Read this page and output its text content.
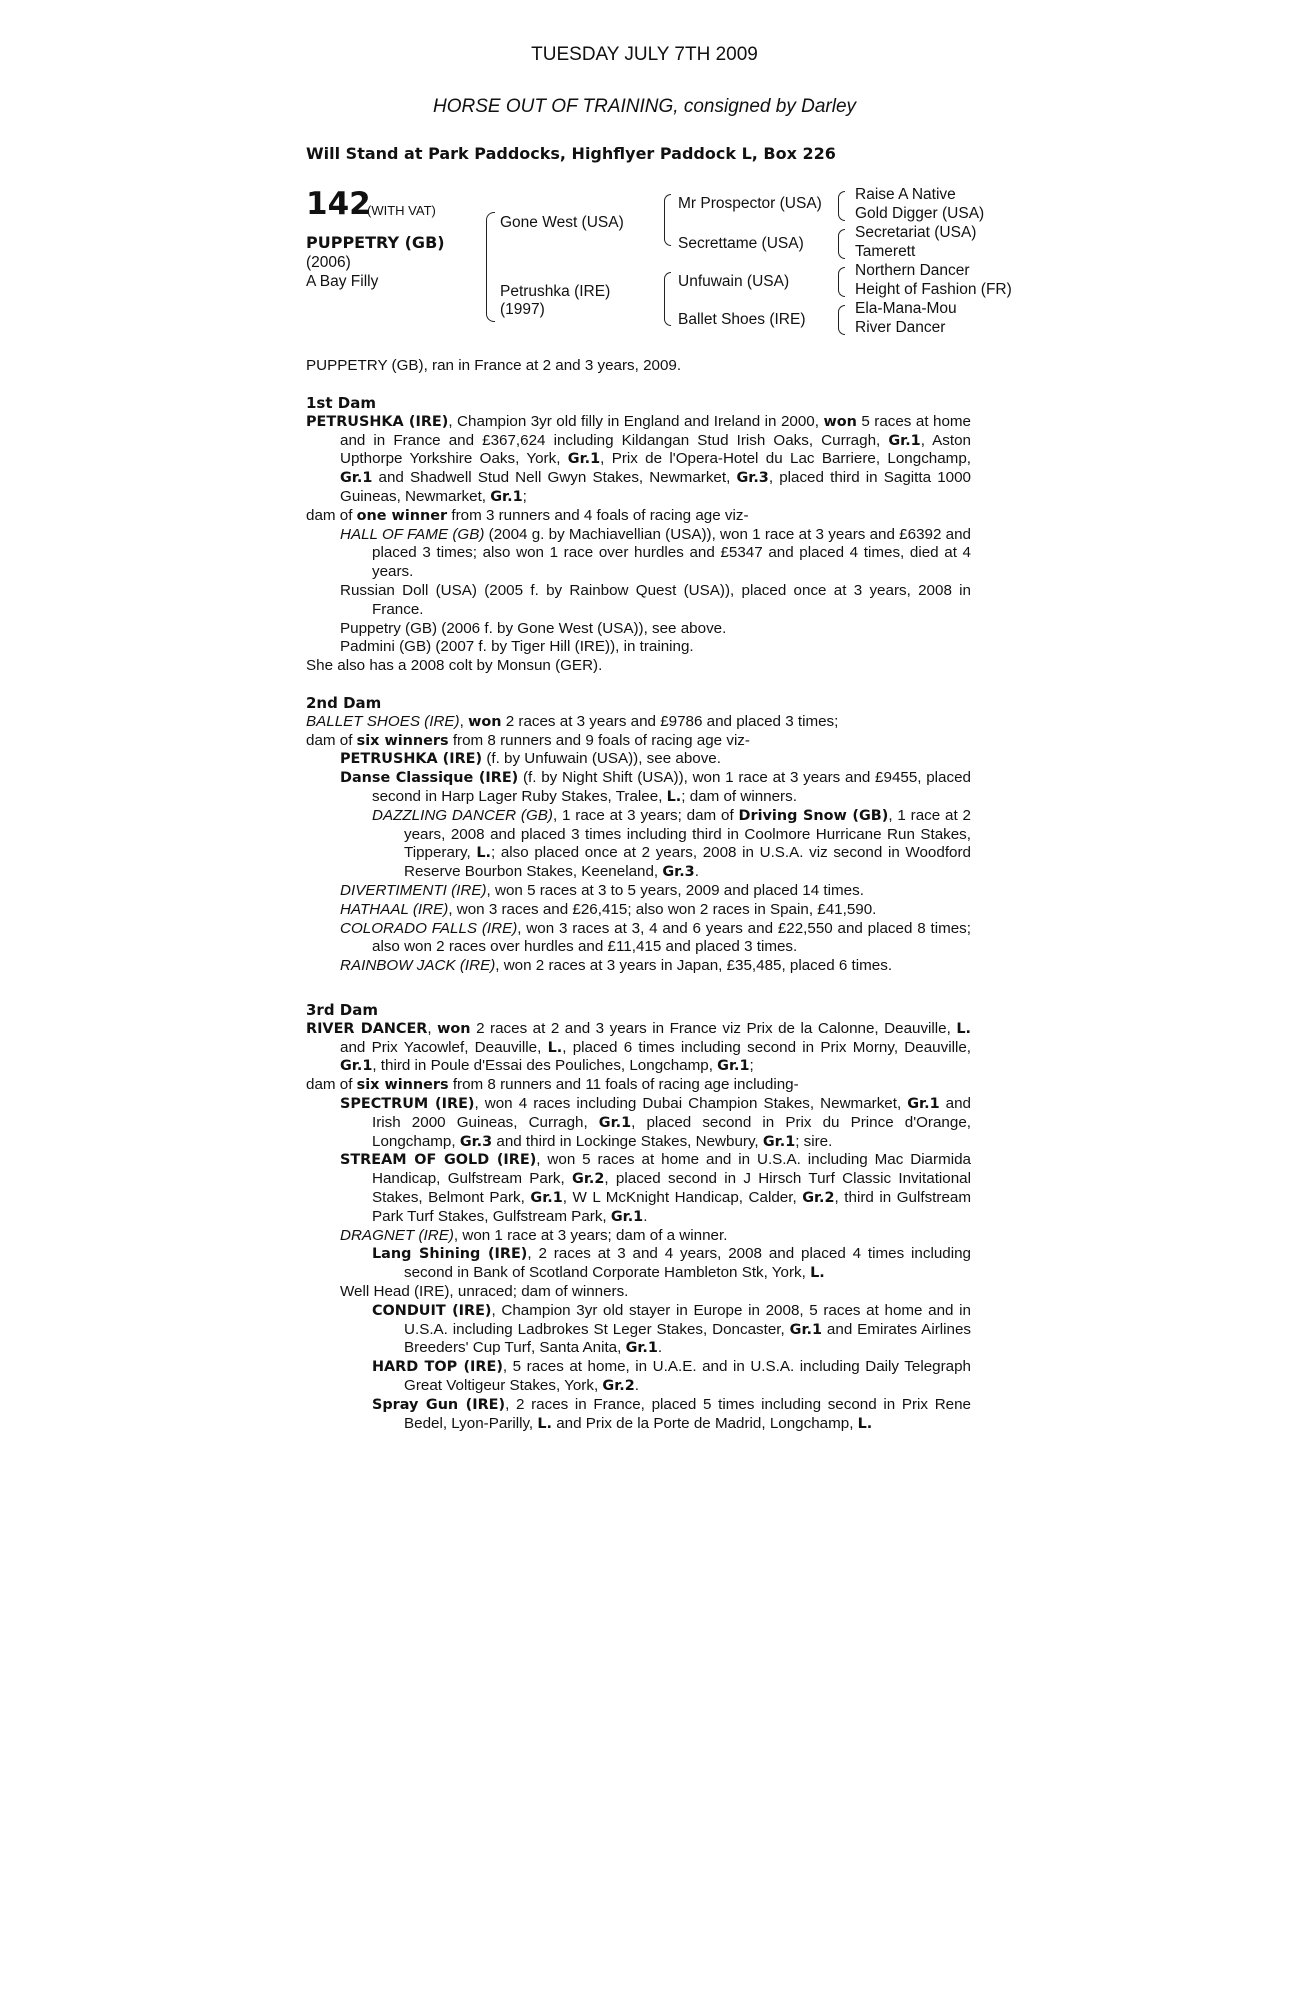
TUESDAY JULY 7TH 2009
HORSE OUT OF TRAINING, consigned by Darley
Will Stand at Park Paddocks, Highflyer Paddock L, Box 226
142
(WITH VAT)
PUPPETRY (GB)
(2006)
A Bay Filly
Gone West (USA)
Petrushka (IRE)
(1997)
Mr Prospector (USA)
Secrettame (USA)
Unfuwain (USA)
Ballet Shoes (IRE)
Raise A Native
Gold Digger (USA)
Secretariat (USA)
Tamerett
Northern Dancer
Height of Fashion (FR)
Ela-Mana-Mou
River Dancer

PUPPETRY (GB), ran in France at 2 and 3 years, 2009.

1st Dam

PETRUSHKA (IRE), Champion 3yr old filly in England and Ireland in 2000, won 5 races at home and in France and £367,624 including Kildangan Stud Irish Oaks, Curragh, Gr.1, Aston Upthorpe Yorkshire Oaks, York, Gr.1, Prix de l'Opera-Hotel du Lac Barriere, Longchamp, Gr.1 and Shadwell Stud Nell Gwyn Stakes, Newmarket, Gr.3, placed third in Sagitta 1000 Guineas, Newmarket, Gr.1;

dam of one winner from 3 runners and 4 foals of racing age viz-

HALL OF FAME (GB) (2004 g. by Machiavellian (USA)), won 1 race at 3 years and £6392 and placed 3 times; also won 1 race over hurdles and £5347 and placed 4 times, died at 4 years.

Russian Doll (USA) (2005 f. by Rainbow Quest (USA)), placed once at 3 years, 2008 in France.

Puppetry (GB) (2006 f. by Gone West (USA)), see above.

Padmini (GB) (2007 f. by Tiger Hill (IRE)), in training.

She also has a 2008 colt by Monsun (GER).

2nd Dam

BALLET SHOES (IRE), won 2 races at 3 years and £9786 and placed 3 times;

dam of six winners from 8 runners and 9 foals of racing age viz-

PETRUSHKA (IRE) (f. by Unfuwain (USA)), see above.

Danse Classique (IRE) (f. by Night Shift (USA)), won 1 race at 3 years and £9455, placed second in Harp Lager Ruby Stakes, Tralee, L.; dam of winners.

DAZZLING DANCER (GB), 1 race at 3 years; dam of Driving Snow (GB), 1 race at 2 years, 2008 and placed 3 times including third in Coolmore Hurricane Run Stakes, Tipperary, L.; also placed once at 2 years, 2008 in U.S.A. viz second in Woodford Reserve Bourbon Stakes, Keeneland, Gr.3.

DIVERTIMENTI (IRE), won 5 races at 3 to 5 years, 2009 and placed 14 times.

HATHAAL (IRE), won 3 races and £26,415; also won 2 races in Spain, £41,590.

COLORADO FALLS (IRE), won 3 races at 3, 4 and 6 years and £22,550 and placed 8 times; also won 2 races over hurdles and £11,415 and placed 3 times.

RAINBOW JACK (IRE), won 2 races at 3 years in Japan, £35,485, placed 6 times.

3rd Dam

RIVER DANCER, won 2 races at 2 and 3 years in France viz Prix de la Calonne, Deauville, L. and Prix Yacowlef, Deauville, L., placed 6 times including second in Prix Morny, Deauville, Gr.1, third in Poule d'Essai des Pouliches, Longchamp, Gr.1;

dam of six winners from 8 runners and 11 foals of racing age including-

SPECTRUM (IRE), won 4 races including Dubai Champion Stakes, Newmarket, Gr.1 and Irish 2000 Guineas, Curragh, Gr.1, placed second in Prix du Prince d'Orange, Longchamp, Gr.3 and third in Lockinge Stakes, Newbury, Gr.1; sire.

STREAM OF GOLD (IRE), won 5 races at home and in U.S.A. including Mac Diarmida Handicap, Gulfstream Park, Gr.2, placed second in J Hirsch Turf Classic Invitational Stakes, Belmont Park, Gr.1, W L McKnight Handicap, Calder, Gr.2, third in Gulfstream Park Turf Stakes, Gulfstream Park, Gr.1.

DRAGNET (IRE), won 1 race at 3 years; dam of a winner.

Lang Shining (IRE), 2 races at 3 and 4 years, 2008 and placed 4 times including second in Bank of Scotland Corporate Hambleton Stk, York, L.

Well Head (IRE), unraced; dam of winners.

CONDUIT (IRE), Champion 3yr old stayer in Europe in 2008, 5 races at home and in U.S.A. including Ladbrokes St Leger Stakes, Doncaster, Gr.1 and Emirates Airlines Breeders' Cup Turf, Santa Anita, Gr.1.

HARD TOP (IRE), 5 races at home, in U.A.E. and in U.S.A. including Daily Telegraph Great Voltigeur Stakes, York, Gr.2.

Spray Gun (IRE), 2 races in France, placed 5 times including second in Prix Rene Bedel, Lyon-Parilly, L. and Prix de la Porte de Madrid, Longchamp, L.
